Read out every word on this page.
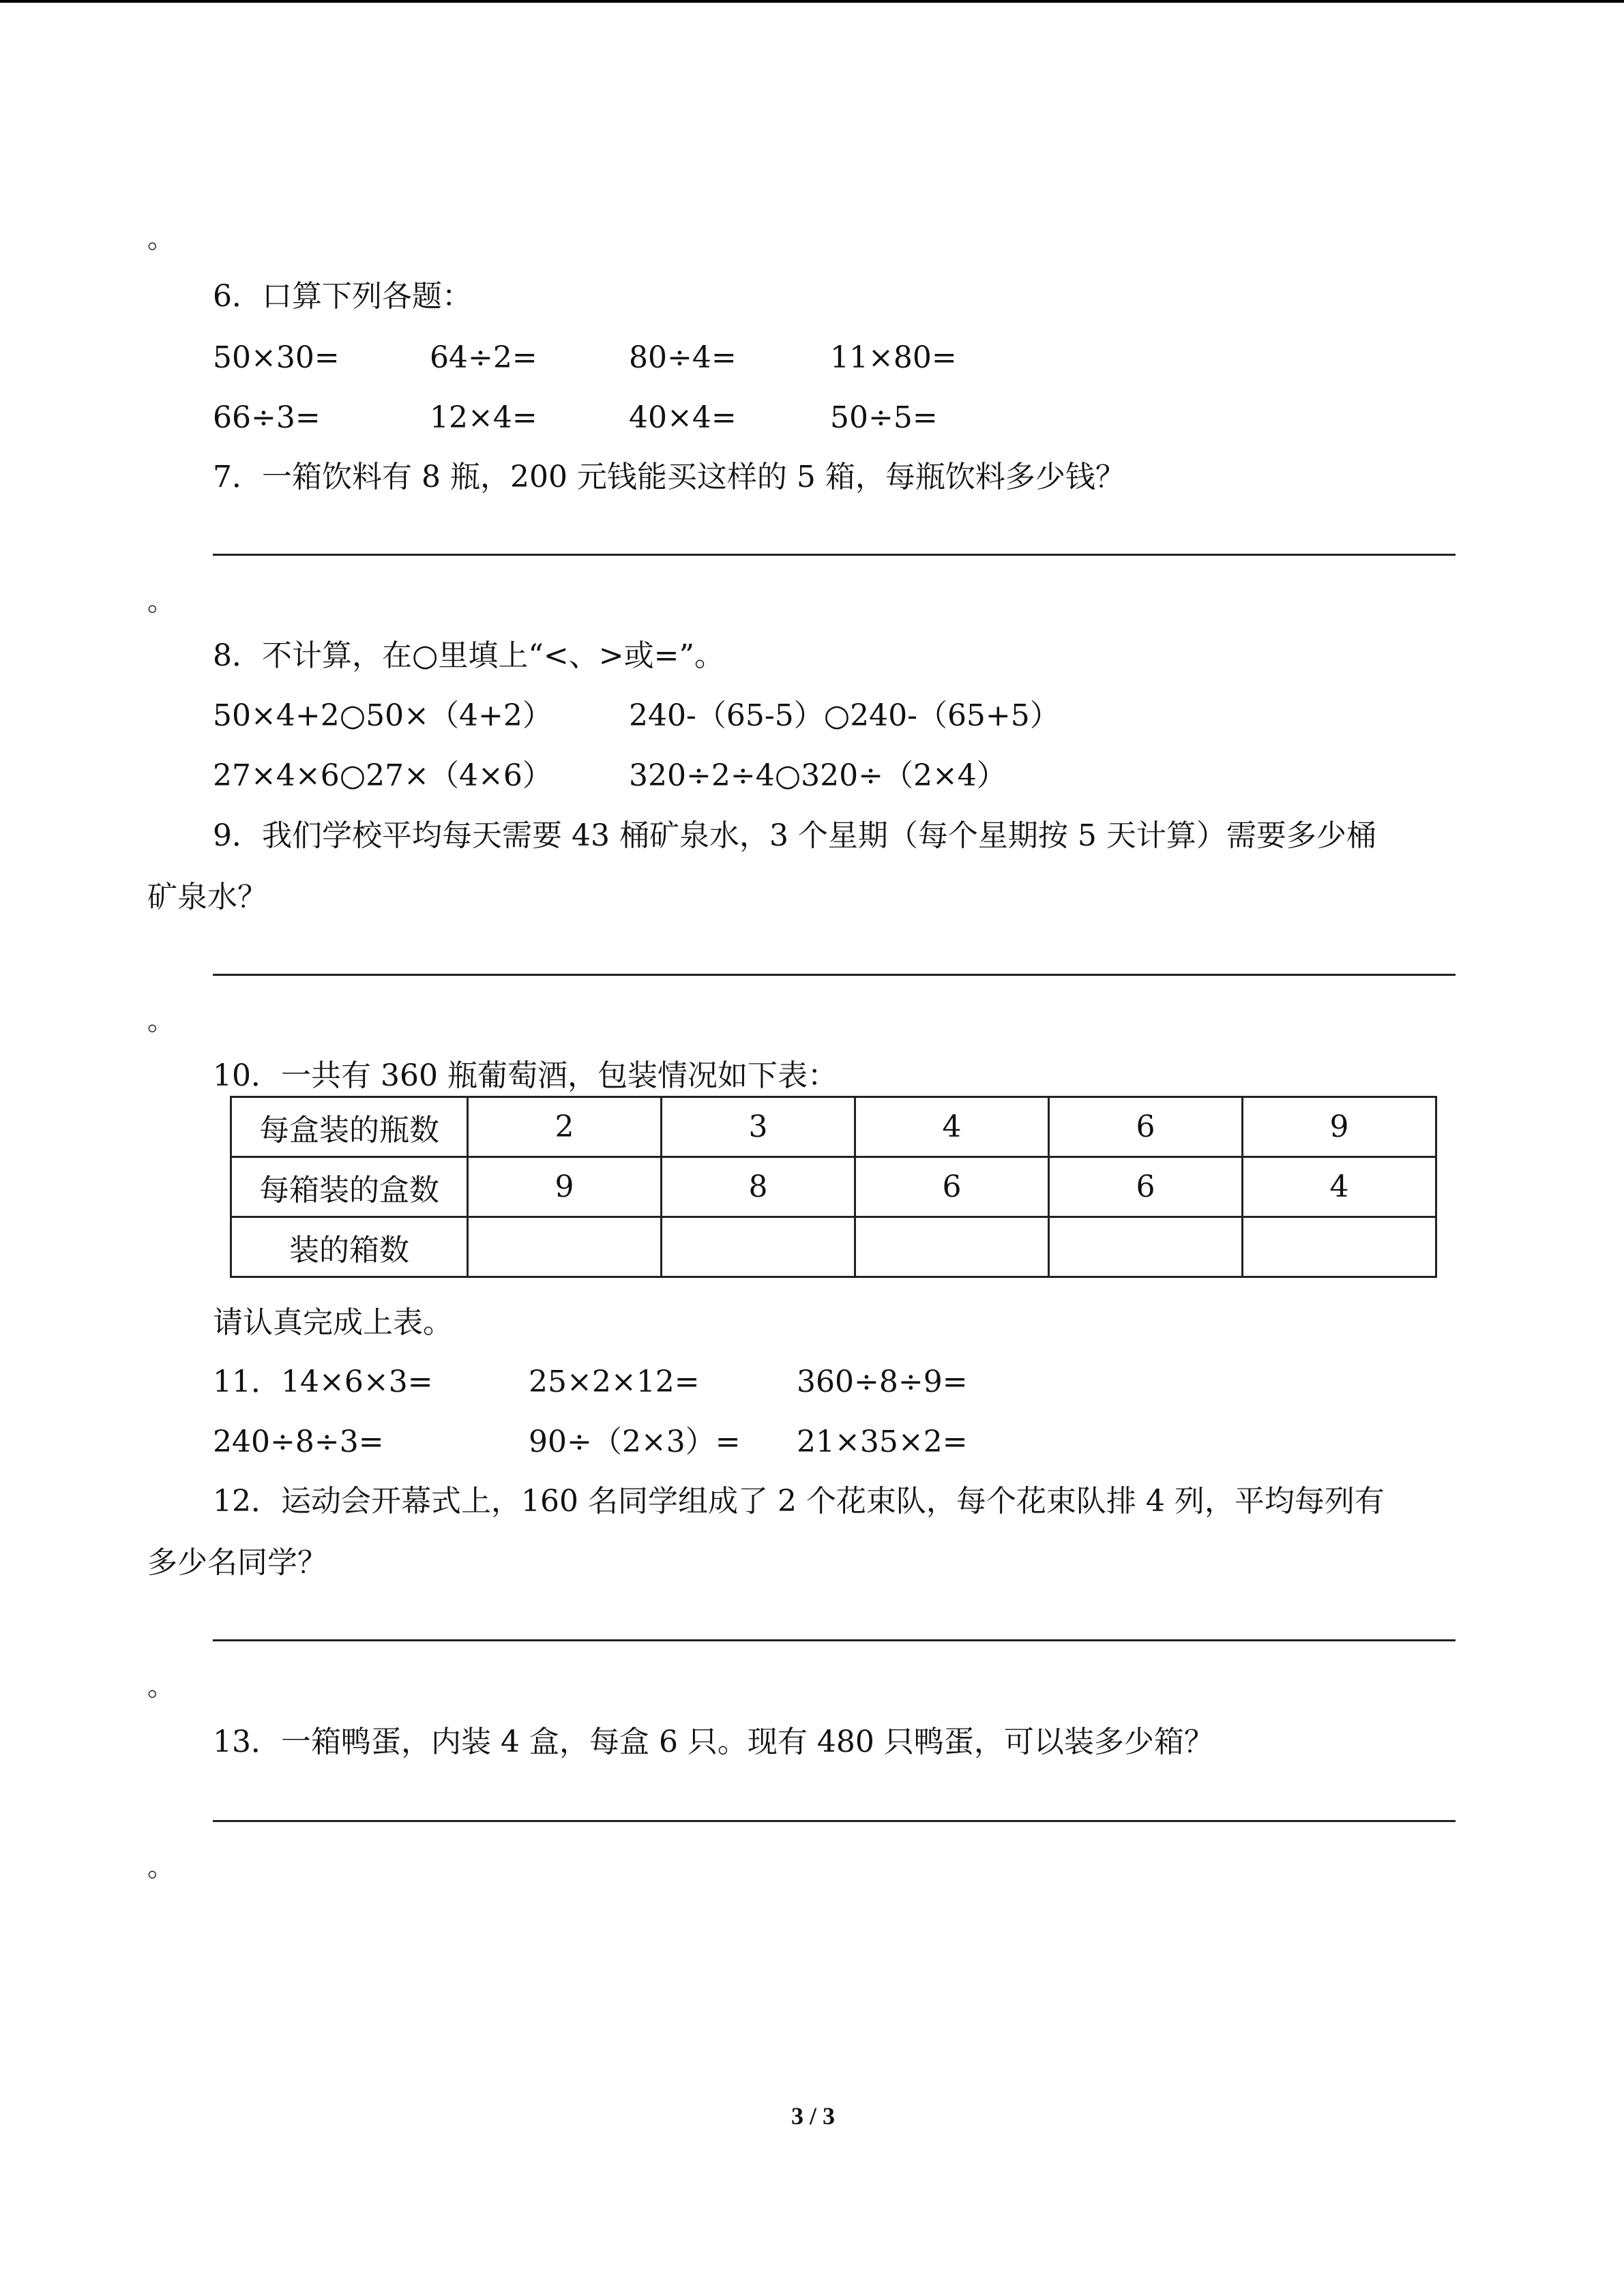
。
6．口算下列各题：
50×30=	64÷2=	80÷4=	11×80=
66÷3=	12×4=	40×4=	50÷5=
7．一箱饮料有 8 瓶，200 元钱能买这样的 5 箱，每瓶饮料多少钱？
。
8．不计算，在○里填上“<、>或=”。
50×4+2○50×（4+2）	240-（65-5）○240-（65+5）
27×4×6○27×（4×6）	320÷2÷4○320÷（2×4）
9．我们学校平均每天需要 43 桶矿泉水，3 个星期（每个星期按 5 天计算）需要多少桶
矿泉水？
。
10．一共有 360 瓶葡萄酒，包装情况如下表：
每盒装的瓶数	2	3	4	6	9
每箱装的盒数	9	8	6	6	4
装的箱数					
请认真完成上表。
11．14×6×3=	25×2×12=	360÷8÷9=
240÷8÷3=	90÷（2×3）= 21×35×2=
12．运动会开幕式上，160 名同学组成了 2 个花束队，每个花束队排 4 列，平均每列有
多少名同学？
。
13．一箱鸭蛋，内装 4 盒，每盒 6 只。现有 480 只鸭蛋，可以装多少箱？
。
3 / 3
